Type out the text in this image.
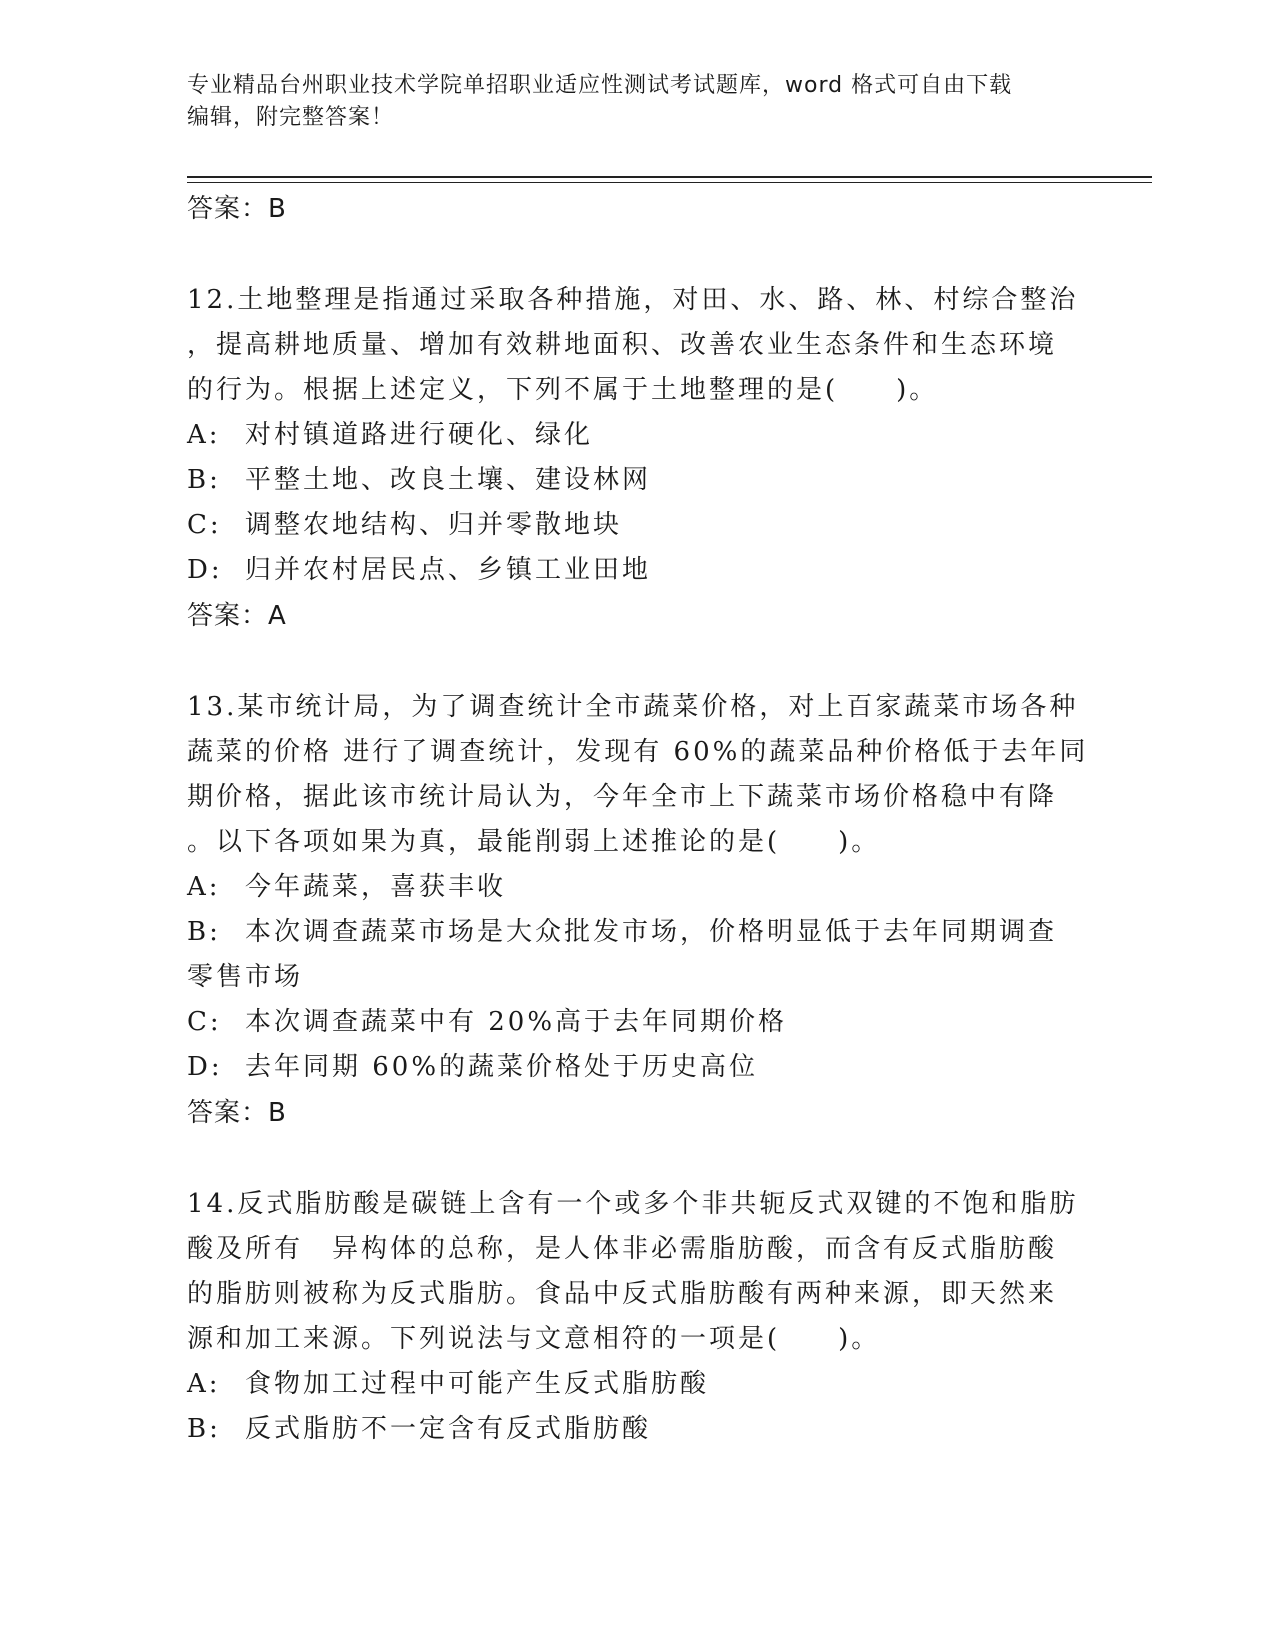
专业精品台州职业技术学院单招职业适应性测试考试题库，word 格式可自由下载
编辑，附完整答案！

答案：B

12.土地整理是指通过采取各种措施，对田、水、路、林、村综合整治

，提高耕地质量、增加有效耕地面积、改善农业生态条件和生态环境

的行为。根据上述定义，下列不属于土地整理的是(　　)。

A: 对村镇道路进行硬化、绿化

B: 平整土地、改良土壤、建设林网

C: 调整农地结构、归并零散地块

D: 归并农村居民点、乡镇工业田地

答案：A

13.某市统计局，为了调查统计全市蔬菜价格，对上百家蔬菜市场各种

蔬菜的价格 进行了调查统计，发现有 60%的蔬菜品种价格低于去年同

期价格，据此该市统计局认为，今年全市上下蔬菜市场价格稳中有降

。以下各项如果为真，最能削弱上述推论的是(　　)。

A: 今年蔬菜，喜获丰收

B: 本次调查蔬菜市场是大众批发市场，价格明显低于去年同期调查

零售市场

C: 本次调查蔬菜中有 20%高于去年同期价格

D: 去年同期 60%的蔬菜价格处于历史高位

答案：B

14.反式脂肪酸是碳链上含有一个或多个非共轭反式双键的不饱和脂肪

酸及所有　异构体的总称，是人体非必需脂肪酸，而含有反式脂肪酸

的脂肪则被称为反式脂肪。食品中反式脂肪酸有两种来源，即天然来

源和加工来源。下列说法与文意相符的一项是(　　)。

A: 食物加工过程中可能产生反式脂肪酸

B: 反式脂肪不一定含有反式脂肪酸
